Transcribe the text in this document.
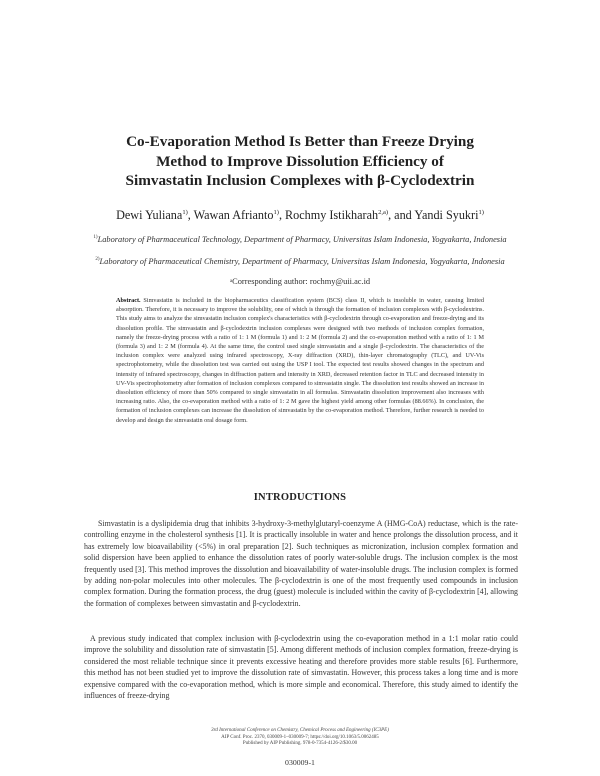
Co-Evaporation Method Is Better than Freeze Drying
Method to Improve Dissolution Efficiency of
Simvastatin Inclusion Complexes with β-Cyclodextrin
Dewi Yuliana$^{1)}$, Wawan Afrianto$^{1)}$, Rochmy Istikharah$^{2,a)}$, and Yandi Syukri$^{1)}$
$^{1)}$Laboratory of Pharmaceutical Technology, Department of Pharmacy, Universitas Islam Indonesia, Yogyakarta, Indonesia
$^{2)}$Laboratory of Pharmaceutical Chemistry, Department of Pharmacy, Universitas Islam Indonesia, Yogyakarta, Indonesia
ᵃCorresponding author: rochmy@uii.ac.id
Abstract. Simvastatin is included in the biopharmaceutics classification system (BCS) class II, which is insoluble in water, causing limited absorption. Therefore, it is necessary to improve the solubility, one of which is through the formation of inclusion complexes with β-cyclodextrins. This study aims to analyze the simvastatin inclusion complex's characteristics with β-cyclodextrin through co-evaporation and freeze-drying and its dissolution profile. The simvastatin and β-cyclodextrin inclusion complexes were designed with two methods of inclusion complex formation, namely the freeze-drying process with a ratio of 1: 1 M (formula 1) and 1: 2 M (formula 2) and the co-evaporation method with a ratio of 1: 1 M (formula 3) and 1: 2 M (formula 4). At the same time, the control used single simvastatin and a single β-cyclodextrin. The characteristics of the inclusion complex were analyzed using infrared spectroscopy, X-ray diffraction (XRD), thin-layer chromatography (TLC), and UV-Vis spectrophotometry, while the dissolution test was carried out using the USP I tool. The expected test results showed changes in the spectrum and intensity of infrared spectroscopy, changes in diffraction pattern and intensity in XRD, decreased retention factor in TLC and decreased intensity in UV-Vis spectrophotometry after formation of inclusion complexes compared to simvastatin single. The dissolution test results showed an increase in dissolution efficiency of more than 50% compared to single simvastatin in all formulas. Simvastatin dissolution improvement also increases with increasing ratio. Also, the co-evaporation method with a ratio of 1: 2 M gave the highest yield among other formulas (88.66%). In conclusion, the formation of inclusion complexes can increase the dissolution of simvastatin by the co-evaporation method. Therefore, further research is needed to develop and design the simvastatin oral dosage form.
INTRODUCTIONS
Simvastatin is a dyslipidemia drug that inhibits 3-hydroxy-3-methylglutaryl-coenzyme A (HMG-CoA) reductase, which is the rate-controlling enzyme in the cholesterol synthesis [1]. It is practically insoluble in water and hence prolongs the dissolution process, and it has extremely low bioavailability (<5%) in oral preparation [2]. Such techniques as micronization, inclusion complex formation and solid dispersion have been applied to enhance the dissolution rates of poorly water-soluble drugs. The inclusion complex is the most frequently used [3]. This method improves the dissolution and bioavailability of water-insoluble drugs. The inclusion complex is formed by adding non-polar molecules into other molecules. The β-cyclodextrin is one of the most frequently used compounds in inclusion complex formation. During the formation process, the drug (guest) molecule is included within the cavity of β-cyclodextrin [4], allowing the formation of complexes between simvastatin and β-cyclodextrin.
A previous study indicated that complex inclusion with β-cyclodextrin using the co-evaporation method in a 1:1 molar ratio could improve the solubility and dissolution rate of simvastatin [5]. Among different methods of inclusion complex formation, freeze-drying is considered the most reliable technique since it prevents excessive heating and therefore provides more stable results [6]. Furthermore, this method has not been studied yet to improve the dissolution rate of simvastatin. However, this process takes a long time and is more expensive compared with the co-evaporation method, which is more simple and economical. Therefore, this study aimed to identify the influences of freeze-drying
3rd International Conference on Chemistry, Chemical Process and Engineering (IC3PE)
AIP Conf. Proc. 2370, 030009-1–030009-7; https://doi.org/10.1063/5.0062485
Published by AIP Publishing. 978-0-7354-4126-2/$30.00
030009-1
